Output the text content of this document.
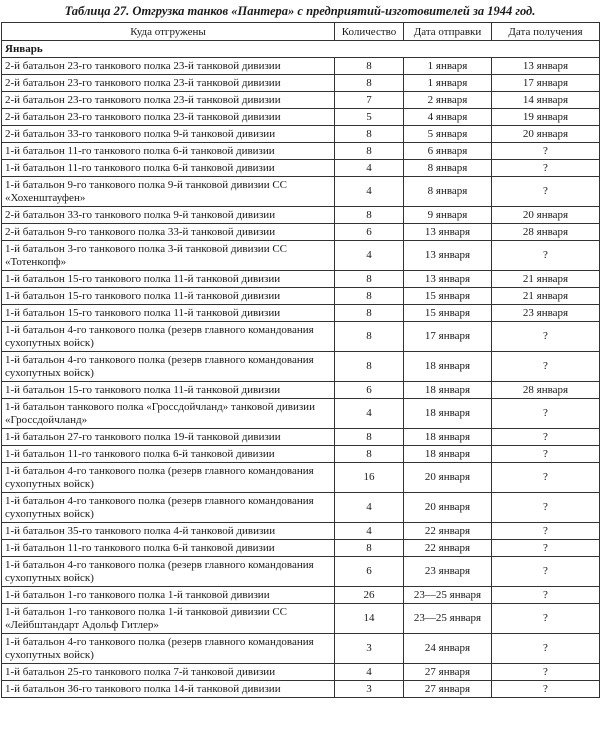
Таблица 27. Отгрузка танков «Пантера» с предприятий-изготовителей за 1944 год.
Куда отгружены	Количество	Дата отправки	Дата получения
Январь			
2-й батальон 23-го танкового полка 23-й танковой дивизии	8	1 января	13 января
2-й батальон 23-го танкового полка 23-й танковой дивизии	8	1 января	17 января
2-й батальон 23-го танкового полка 23-й танковой дивизии	7	2 января	14 января
2-й батальон 23-го танкового полка 23-й танковой дивизии	5	4 января	19 января
2-й батальон 33-го танкового полка 9-й танковой дивизии	8	5 января	20 января
1-й батальон 11-го танкового полка 6-й танковой дивизии	8	6 января	?
1-й батальон 11-го танкового полка 6-й танковой дивизии	4	8 января	?
1-й батальон 9-го танкового полка 9-й танковой дивизии СС «Хохенштауфен»	4	8 января	?
2-й батальон 33-го танкового полка 9-й танковой дивизии	8	9 января	20 января
2-й батальон 9-го танкового полка 33-й танковой дивизии	6	13 января	28 января
1-й батальон 3-го танкового полка 3-й танковой дивизии СС «Тотенкопф»	4	13 января	?
1-й батальон 15-го танкового полка 11-й танковой дивизии	8	13 января	21 января
1-й батальон 15-го танкового полка 11-й танковой дивизии	8	15 января	21 января
1-й батальон 15-го танкового полка 11-й танковой дивизии	8	15 января	23 января
1-й батальон 4-го танкового полка (резерв главного командования сухопутных войск)	8	17 января	?
1-й батальон 4-го танкового полка (резерв главного командования сухопутных войск)	8	18 января	?
1-й батальон 15-го танкового полка 11-й танковой дивизии	6	18 января	28 января
1-й батальон танкового полка «Гроссдойчланд» танковой дивизии «Гроссдойчланд»	4	18 января	?
1-й батальон 27-го танкового полка 19-й танковой дивизии	8	18 января	?
1-й батальон 11-го танкового полка 6-й танковой дивизии	8	18 января	?
1-й батальон 4-го танкового полка (резерв главного командования сухопутных войск)	16	20 января	?
1-й батальон 4-го танкового полка (резерв главного командования сухопутных войск)	4	20 января	?
1-й батальон 35-го танкового полка 4-й танковой дивизии	4	22 января	?
1-й батальон 11-го танкового полка 6-й танковой дивизии	8	22 января	?
1-й батальон 4-го танкового полка (резерв главного командования сухопутных войск)	6	23 января	?
1-й батальон 1-го танкового полка 1-й танковой дивизии	26	23—25 января	?
1-й батальон 1-го танкового полка 1-й танковой дивизии СС «Лейбштандарт Адольф Гитлер»	14	23—25 января	?
1-й батальон 4-го танкового полка (резерв главного командования сухопутных войск)	3	24 января	?
1-й батальон 25-го танкового полка 7-й танковой дивизии	4	27 января	?
1-й батальон 36-го танкового полка 14-й танковой дивизии	3	27 января	?
